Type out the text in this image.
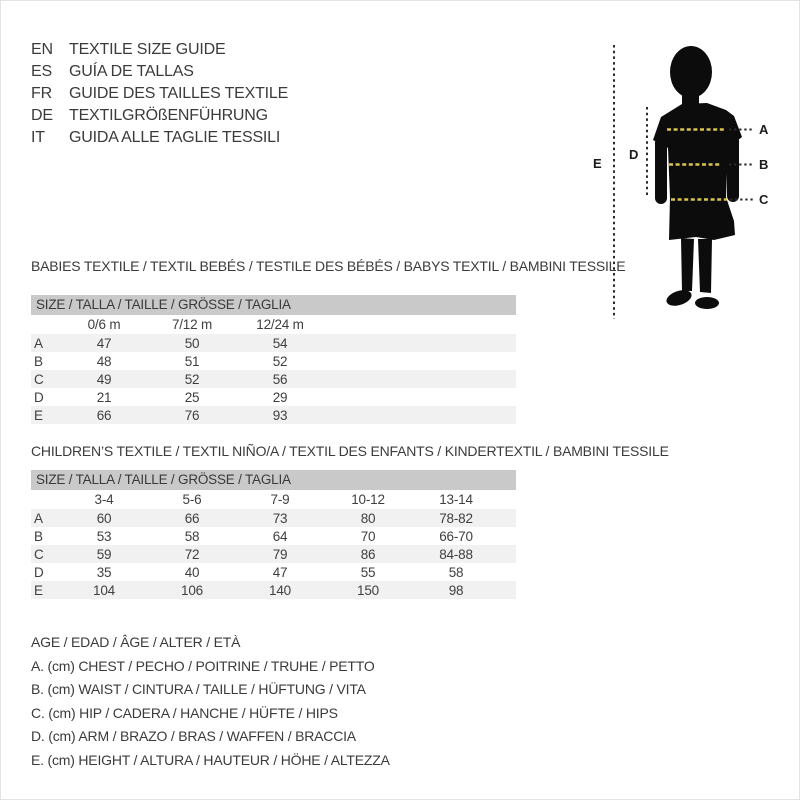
EN	TEXTILE SIZE GUIDE
ES	GUÍA DE TALLAS
FR	GUIDE DES TAILLES TEXTILE
DE	TEXTILGRÖßENFÜHRUNG
IT	GUIDA ALLE TAGLIE TESSILI	A
B
C
D
E
BABIES TEXTILE / TEXTIL BEBÉS / TESTILE DES BÉBÉS / BABYS TEXTIL / BAMBINI TESSILE
SIZE / TALLA / TAILLE / GRÖSSE / TAGLIA
	0/6 m	7/12 m	12/24 m	
A	47	50	54	
B	48	51	52	
C	49	52	56	
D	21	25	29	
E	66	76	93	
CHILDREN’S TEXTILE / TEXTIL NIÑO/A / TEXTIL DES ENFANTS / KINDERTEXTIL / BAMBINI TESSILE
SIZE / TALLA / TAILLE / GRÖSSE / TAGLIA
	3-4	5-6	7-9	10-12	13-14	
A	60	66	73	80	78-82	
B	53	58	64	70	66-70	
C	59	72	79	86	84-88	
D	35	40	47	55	58	
E	104	106	140	150	98	
AGE / EDAD / ÂGE / ALTER / ETÀ
A. (cm) CHEST / PECHO / POITRINE / TRUHE / PETTO
B. (cm) WAIST / CINTURA / TAILLE / HÜFTUNG / VITA
C. (cm) HIP / CADERA / HANCHE / HÜFTE / HIPS
D. (cm) ARM / BRAZO / BRAS / WAFFEN / BRACCIA
E. (cm) HEIGHT / ALTURA / HAUTEUR / HÖHE / ALTEZZA
